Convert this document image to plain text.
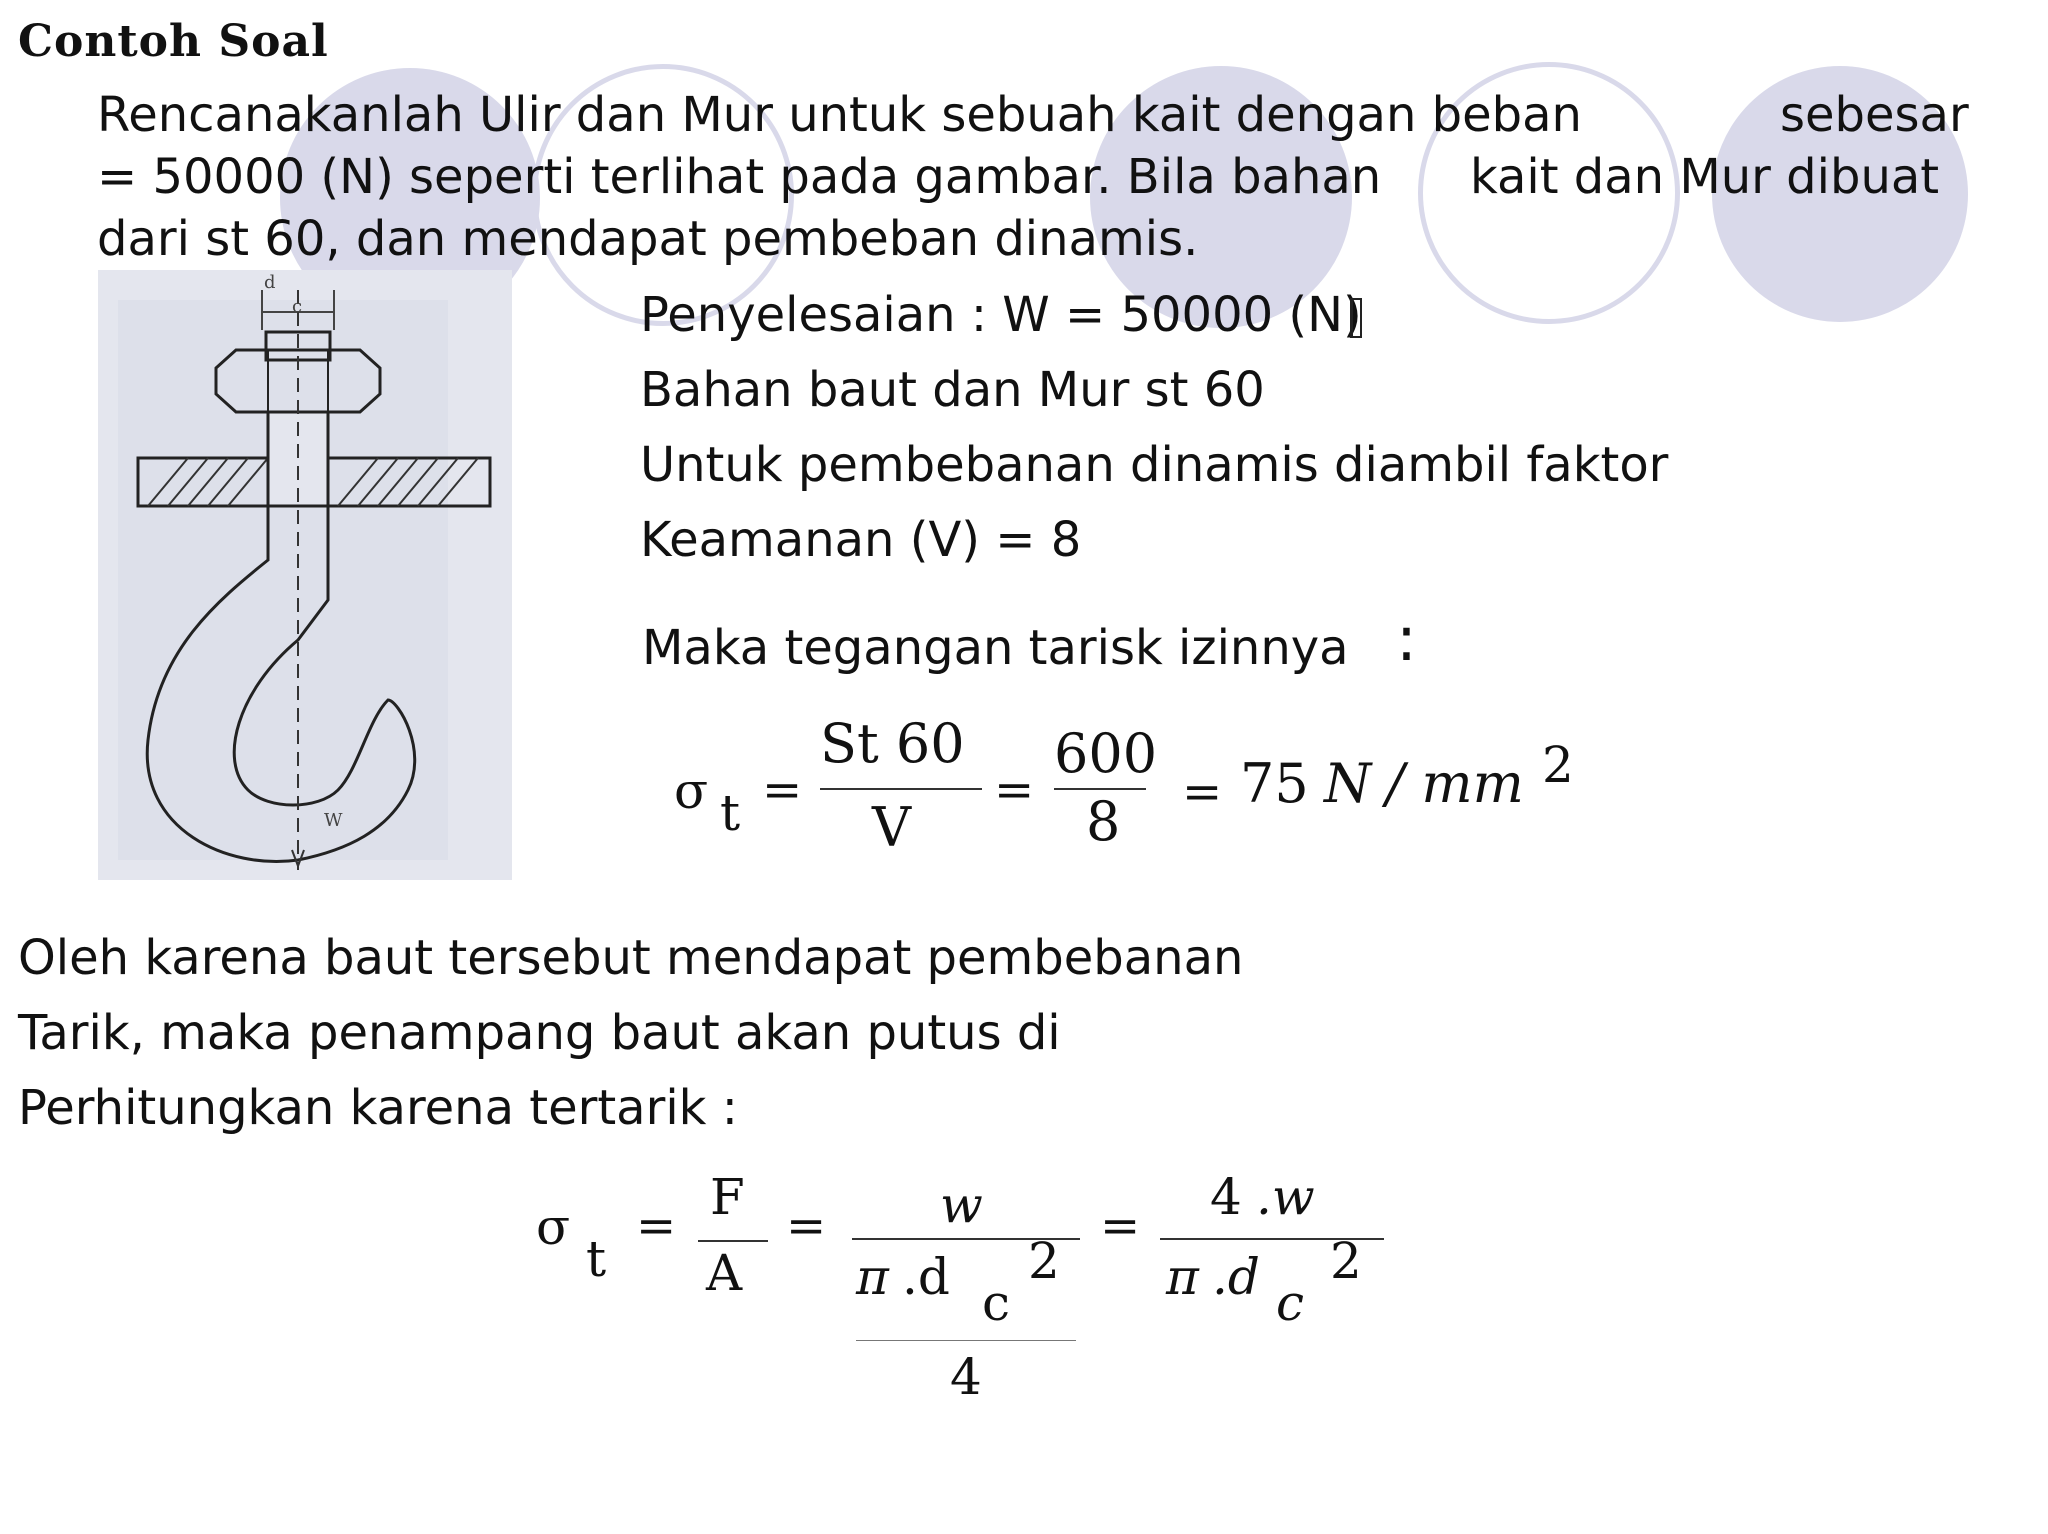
Contoh Soal
Rencanakanlah Ulir dan Mur untuk sebuah kait dengan beban	sebesar
= 50000 (N) seperti terlihat pada gambar. Bila bahan kait dan Mur dibuat
dari st 60, dan mendapat pembeban dinamis.
d
c
W
Penyelesaian : W = 50000 (N)
Bahan baut dan Mur st 60
Untuk pembebanan dinamis diambil faktor
Keamanan (V) = 8
Maka tegangan tarisk izinnya :
σ t =
St 60
V
=
600
8 = 75 N / mm 2
Oleh karena baut tersebut mendapat pembebanan
Tarik, maka penampang baut akan putus di
Perhitungkan karena tertarik :
σ
t
= F
A
= w
π .d c
2
4
= 4 .w
π .d c
2
